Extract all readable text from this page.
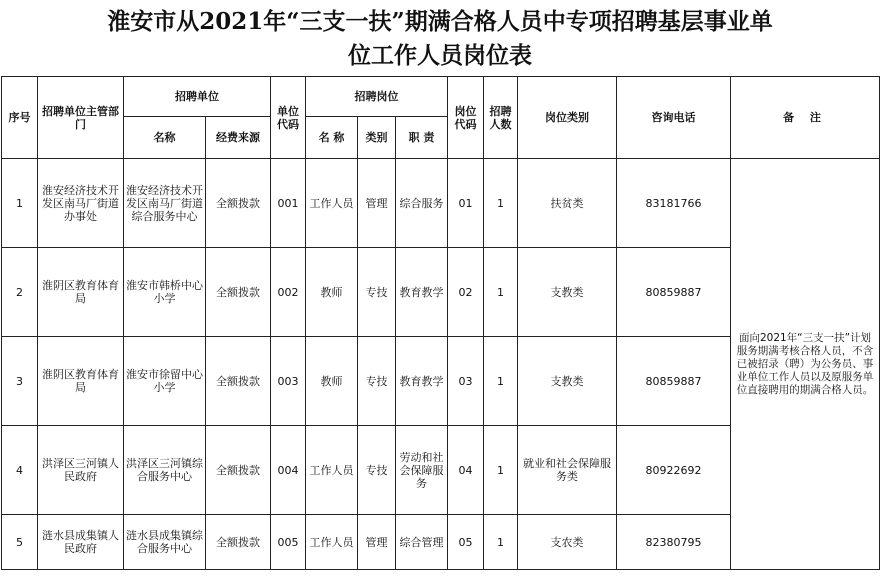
淮安市从2021年“三支一扶”期满合格人员中专项招聘基层事业单
位工作人员岗位表
序号	招聘单位主管部门	招聘单位		单位代码	招聘岗位			岗位代码	招聘人数	岗位类别	咨询电话	备 注
		名称	经费来源		名 称	类别	职 责					
1	淮安经济技术开发区南马厂街道办事处	淮安经济技术开发区南马厂街道综合服务中心	全额拨款	001	工作人员	管理	综合服务	01	1	扶贫类	83181766	面向2021年“三支一扶”计划服务期满考核合格人员，不含已被招录（聘）为公务员、事业单位工作人员以及原服务单位直接聘用的期满合格人员。
2	淮阴区教育体育局	淮安市韩桥中心小学	全额拨款	002	教师	专技	教育教学	02	1	支教类	80859887	
3	淮阴区教育体育局	淮安市徐留中心小学	全额拨款	003	教师	专技	教育教学	03	1	支教类	80859887	
4	洪泽区三河镇人民政府	洪泽区三河镇综合服务中心	全额拨款	004	工作人员	专技	劳动和社会保障服务	04	1	就业和社会保障服务类	80922692	
5	涟水县成集镇人民政府	涟水县成集镇综合服务中心	全额拨款	005	工作人员	管理	综合管理	05	1	支农类	82380795	
